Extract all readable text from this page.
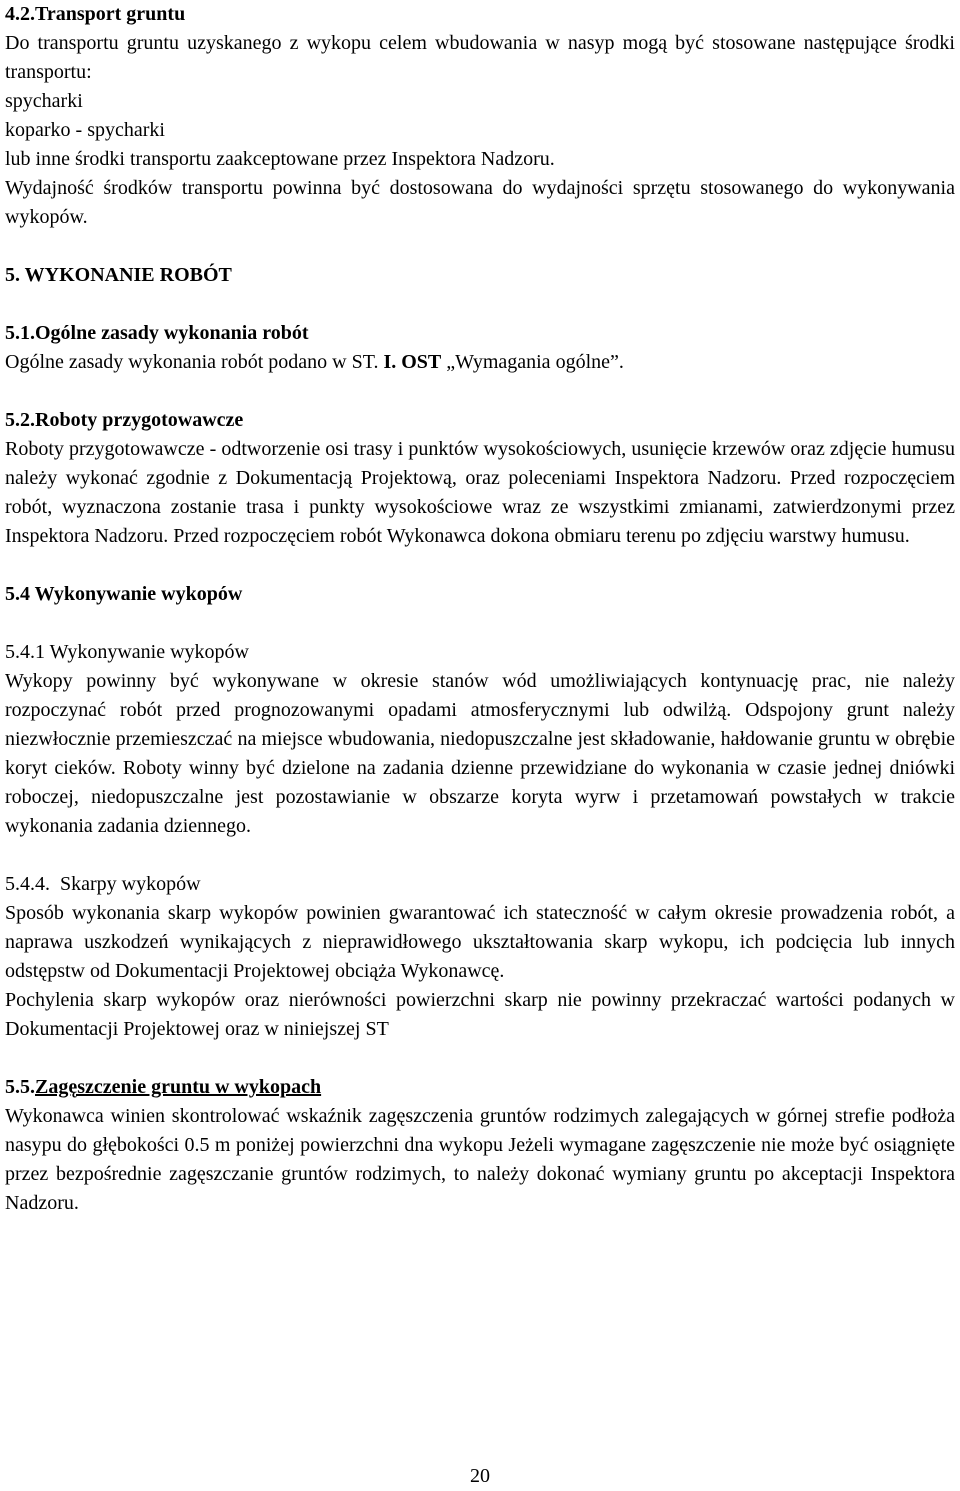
4.2.Transport gruntu

Do transportu gruntu uzyskanego z wykopu celem wbudowania w nasyp mogą być stosowane następujące środki transportu:

spycharki

koparko - spycharki

lub inne środki transportu zaakceptowane przez Inspektora Nadzoru.

Wydajność środków transportu powinna być dostosowana do wydajności sprzętu stosowanego do wykonywania wykopów.

5. WYKONANIE ROBÓT

5.1.Ogólne zasady wykonania robót

Ogólne zasady wykonania robót podano w ST. I. OST „Wymagania ogólne”.

5.2.Roboty przygotowawcze

Roboty przygotowawcze - odtworzenie osi trasy i punktów wysokościowych, usunięcie krzewów oraz zdjęcie humusu należy wykonać zgodnie z Dokumentacją Projektową, oraz poleceniami Inspektora Nadzoru. Przed rozpoczęciem robót, wyznaczona zostanie trasa i punkty wysokościowe wraz ze wszystkimi zmianami, zatwierdzonymi przez Inspektora Nadzoru. Przed rozpoczęciem robót Wykonawca dokona obmiaru terenu po zdjęciu warstwy humusu.

5.4 Wykonywanie wykopów

5.4.1 Wykonywanie wykopów

Wykopy powinny być wykonywane w okresie stanów wód umożliwiających kontynuację prac, nie należy rozpoczynać robót przed prognozowanymi opadami atmosferycznymi lub odwilżą. Odspojony grunt należy niezwłocznie przemieszczać na miejsce wbudowania, niedopuszczalne jest składowanie, hałdowanie gruntu w obrębie koryt cieków. Roboty winny być dzielone na zadania dzienne przewidziane do wykonania w czasie jednej dniówki roboczej, niedopuszczalne jest pozostawianie w obszarze koryta wyrw i przetamowań powstałych w trakcie wykonania zadania dziennego.

5.4.4.  Skarpy wykopów

Sposób wykonania skarp wykopów powinien gwarantować ich stateczność w całym okresie prowadzenia robót, a naprawa uszkodzeń wynikających z nieprawidłowego ukształtowania skarp wykopu, ich podcięcia lub innych odstępstw od Dokumentacji Projektowej obciąża Wykonawcę.

Pochylenia skarp wykopów oraz nierówności powierzchni skarp nie powinny przekraczać wartości podanych w Dokumentacji Projektowej oraz w niniejszej ST

5.5.Zagęszczenie gruntu w wykopach

Wykonawca winien skontrolować wskaźnik zagęszczenia gruntów rodzimych zalegających w górnej strefie podłoża nasypu do głębokości 0.5 m poniżej powierzchni dna wykopu Jeżeli wymagane zagęszczenie nie może być osiągnięte przez bezpośrednie zagęszczanie gruntów rodzimych, to należy dokonać wymiany gruntu po akceptacji Inspektora Nadzoru.

20
